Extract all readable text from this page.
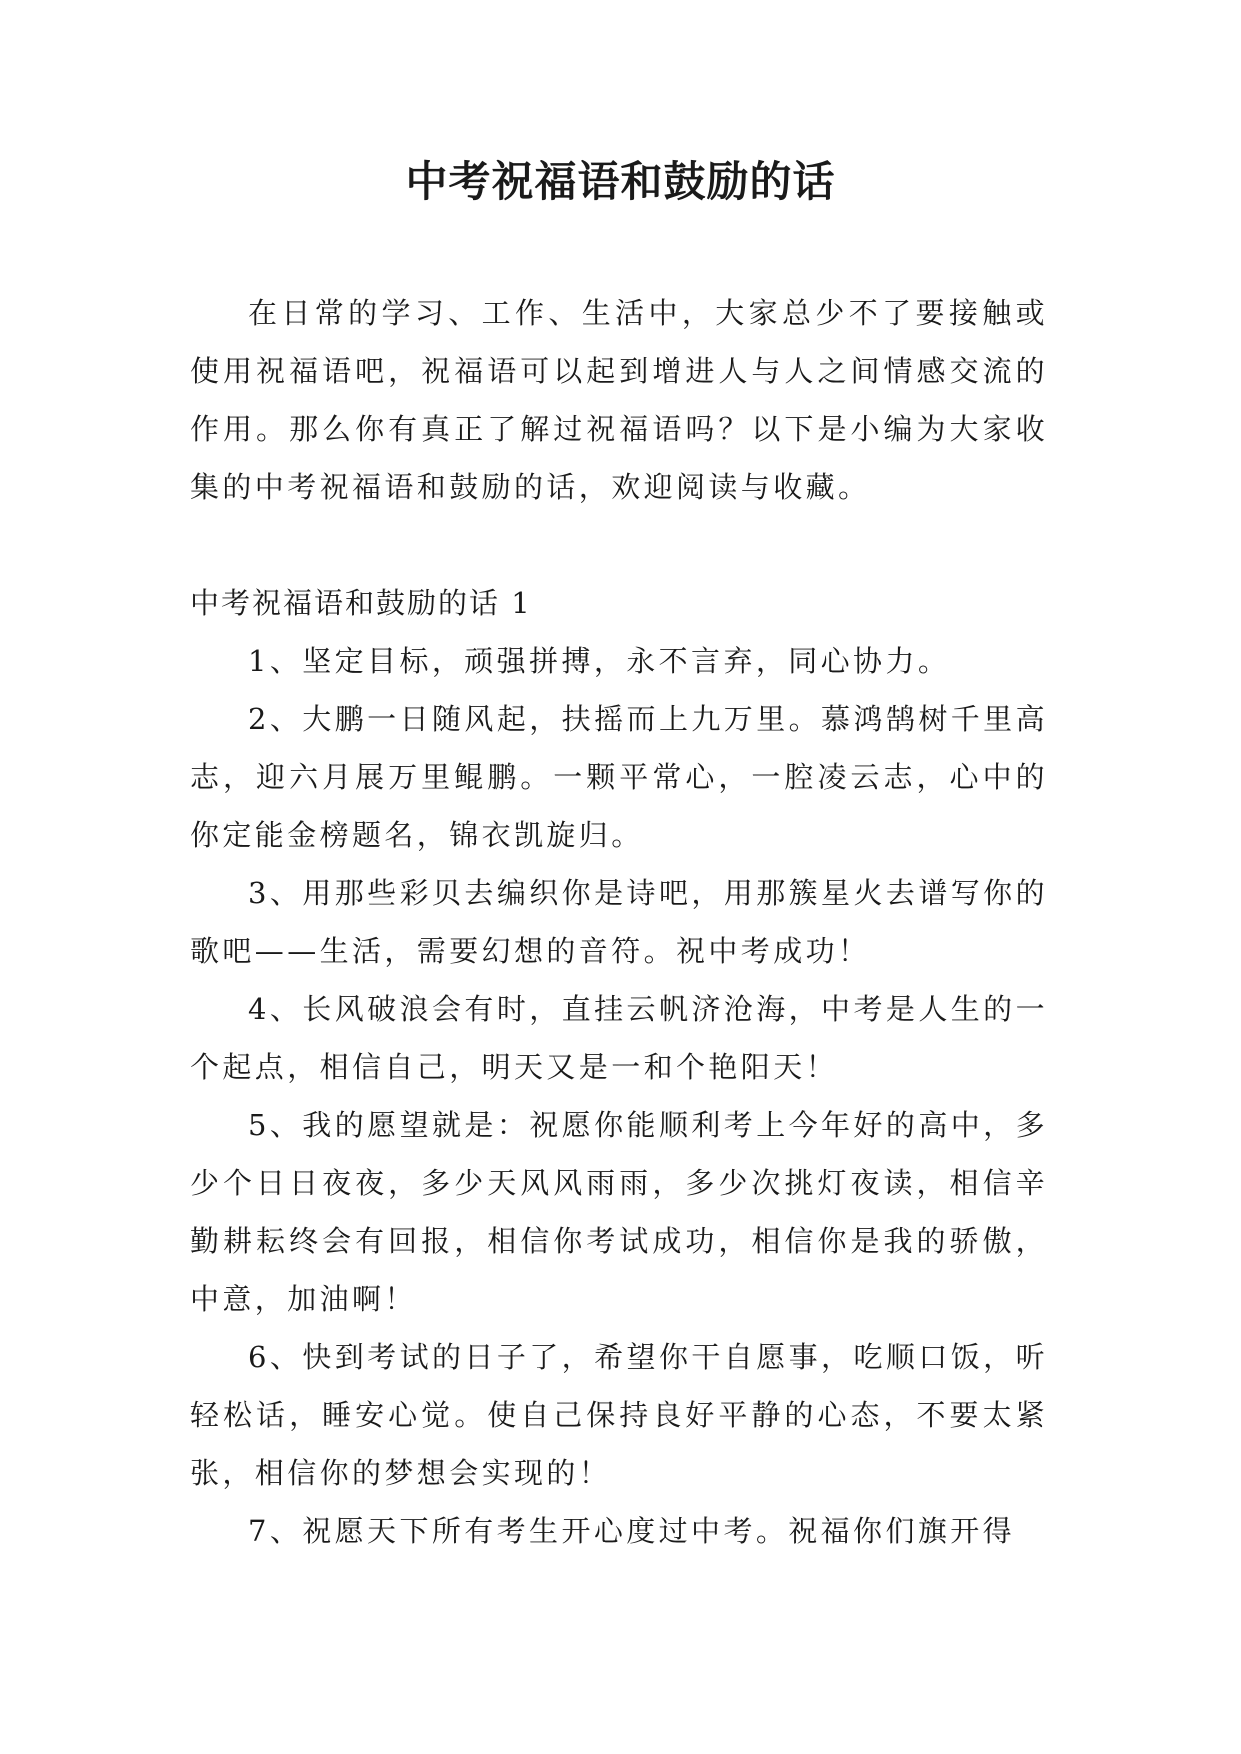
中考祝福语和鼓励的话

在日常的学习、工作、生活中，大家总少不了要接触或使用祝福语吧，祝福语可以起到增进人与人之间情感交流的作用。那么你有真正了解过祝福语吗？以下是小编为大家收集的中考祝福语和鼓励的话，欢迎阅读与收藏。

中考祝福语和鼓励的话 1

1、坚定目标，顽强拼搏，永不言弃，同心协力。

2、大鹏一日随风起，扶摇而上九万里。慕鸿鹄树千里高志，迎六月展万里鲲鹏。一颗平常心，一腔凌云志，心中的你定能金榜题名，锦衣凯旋归。

3、用那些彩贝去编织你是诗吧，用那簇星火去谱写你的歌吧——生活，需要幻想的音符。祝中考成功！

4、长风破浪会有时，直挂云帆济沧海，中考是人生的一个起点，相信自己，明天又是一和个艳阳天！

5、我的愿望就是：祝愿你能顺利考上今年好的高中，多少个日日夜夜，多少天风风雨雨，多少次挑灯夜读，相信辛勤耕耘终会有回报，相信你考试成功，相信你是我的骄傲，中意，加油啊！

6、快到考试的日子了，希望你干自愿事，吃顺口饭，听轻松话，睡安心觉。使自己保持良好平静的心态，不要太紧张，相信你的梦想会实现的！

7、祝愿天下所有考生开心度过中考。祝福你们旗开得
